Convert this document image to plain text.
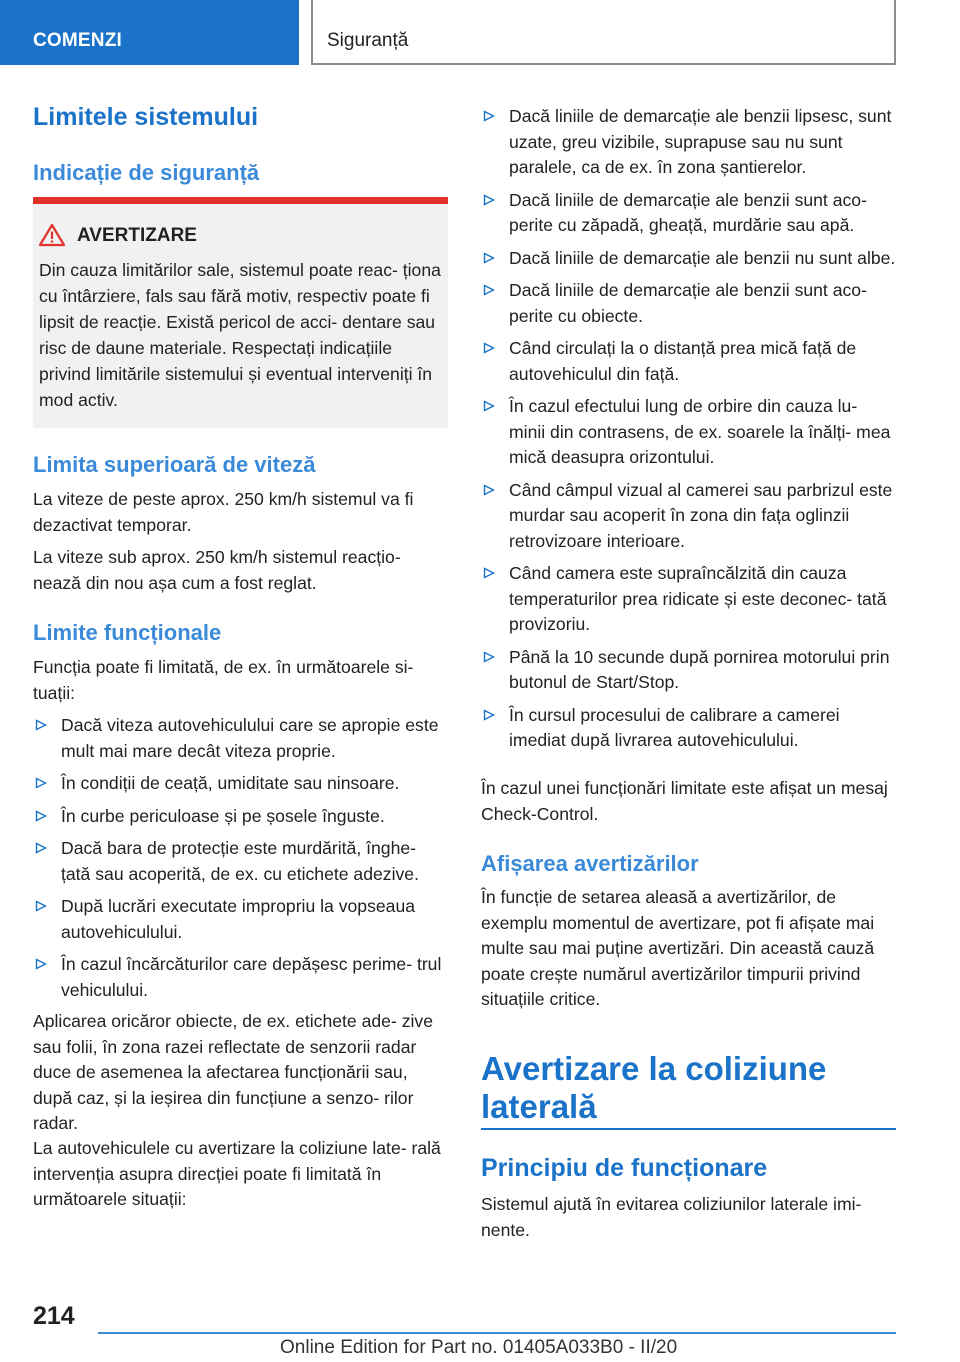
COMENZI	Siguranță
Limitele sistemului
Indicație de siguranță
AVERTIZARE
Din cauza limitărilor sale, sistemul poate reac‐ ționa cu întârziere, fals sau fără motiv, respectiv poate fi lipsit de reacție. Există pericol de acci‐ dentare sau risc de daune materiale. Respectați indicațiile privind limitările sistemului și eventual interveniți în mod activ.
Limita superioară de viteză
La viteze de peste aprox. 250 km/h sistemul va fi dezactivat temporar.
La viteze sub aprox. 250 km/h sistemul reacțio‐ nează din nou așa cum a fost reglat.
Limite funcționale
Funcția poate fi limitată, de ex. în următoarele si‐ tuații:
Dacă viteza autovehiculului care se apropie este mult mai mare decât viteza proprie.
În condiții de ceață, umiditate sau ninsoare.
În curbe periculoase și pe șosele înguste.
Dacă bara de protecție este murdărită, înghe‐ țată sau acoperită, de ex. cu etichete adezive.
După lucrări executate impropriu la vopseaua autovehiculului.
În cazul încărcăturilor care depășesc perime‐ trul vehiculului.
Aplicarea oricăror obiecte, de ex. etichete ade‐ zive sau folii, în zona razei reflectate de senzorii radar duce de asemenea la afectarea funcționării sau, după caz, și la ieșirea din funcțiune a senzo‐ rilor radar.
La autovehiculele cu avertizare la coliziune late‐ rală intervenția asupra direcției poate fi limitată în următoarele situații:
Dacă liniile de demarcație ale benzii lipsesc, sunt uzate, greu vizibile, suprapuse sau nu sunt paralele, ca de ex. în zona șantierelor.
Dacă liniile de demarcație ale benzii sunt aco‐ perite cu zăpadă, gheață, murdărie sau apă.
Dacă liniile de demarcație ale benzii nu sunt albe.
Dacă liniile de demarcație ale benzii sunt aco‐ perite cu obiecte.
Când circulați la o distanță prea mică față de autovehiculul din față.
În cazul efectului lung de orbire din cauza lu‐ minii din contrasens, de ex. soarele la înălți‐ mea mică deasupra orizontului.
Când câmpul vizual al camerei sau parbrizul este murdar sau acoperit în zona din fața oglinzii retrovizoare interioare.
Când camera este supraîncălzită din cauza temperaturilor prea ridicate și este deconec‐ tată provizoriu.
Până la 10 secunde după pornirea motorului prin butonul de Start/Stop.
În cursul procesului de calibrare a camerei imediat după livrarea autovehiculului.
În cazul unei funcționări limitate este afișat un mesaj Check-Control.
Afișarea avertizărilor
În funcție de setarea aleasă a avertizărilor, de exemplu momentul de avertizare, pot fi afișate mai multe sau mai puține avertizări. Din această cauză poate crește numărul avertizărilor timpurii privind situațiile critice.
Avertizare la coliziune laterală
Principiu de funcționare
Sistemul ajută în evitarea coliziunilor laterale imi‐ nente.
214
Online Edition for Part no. 01405A033B0 - II/20
